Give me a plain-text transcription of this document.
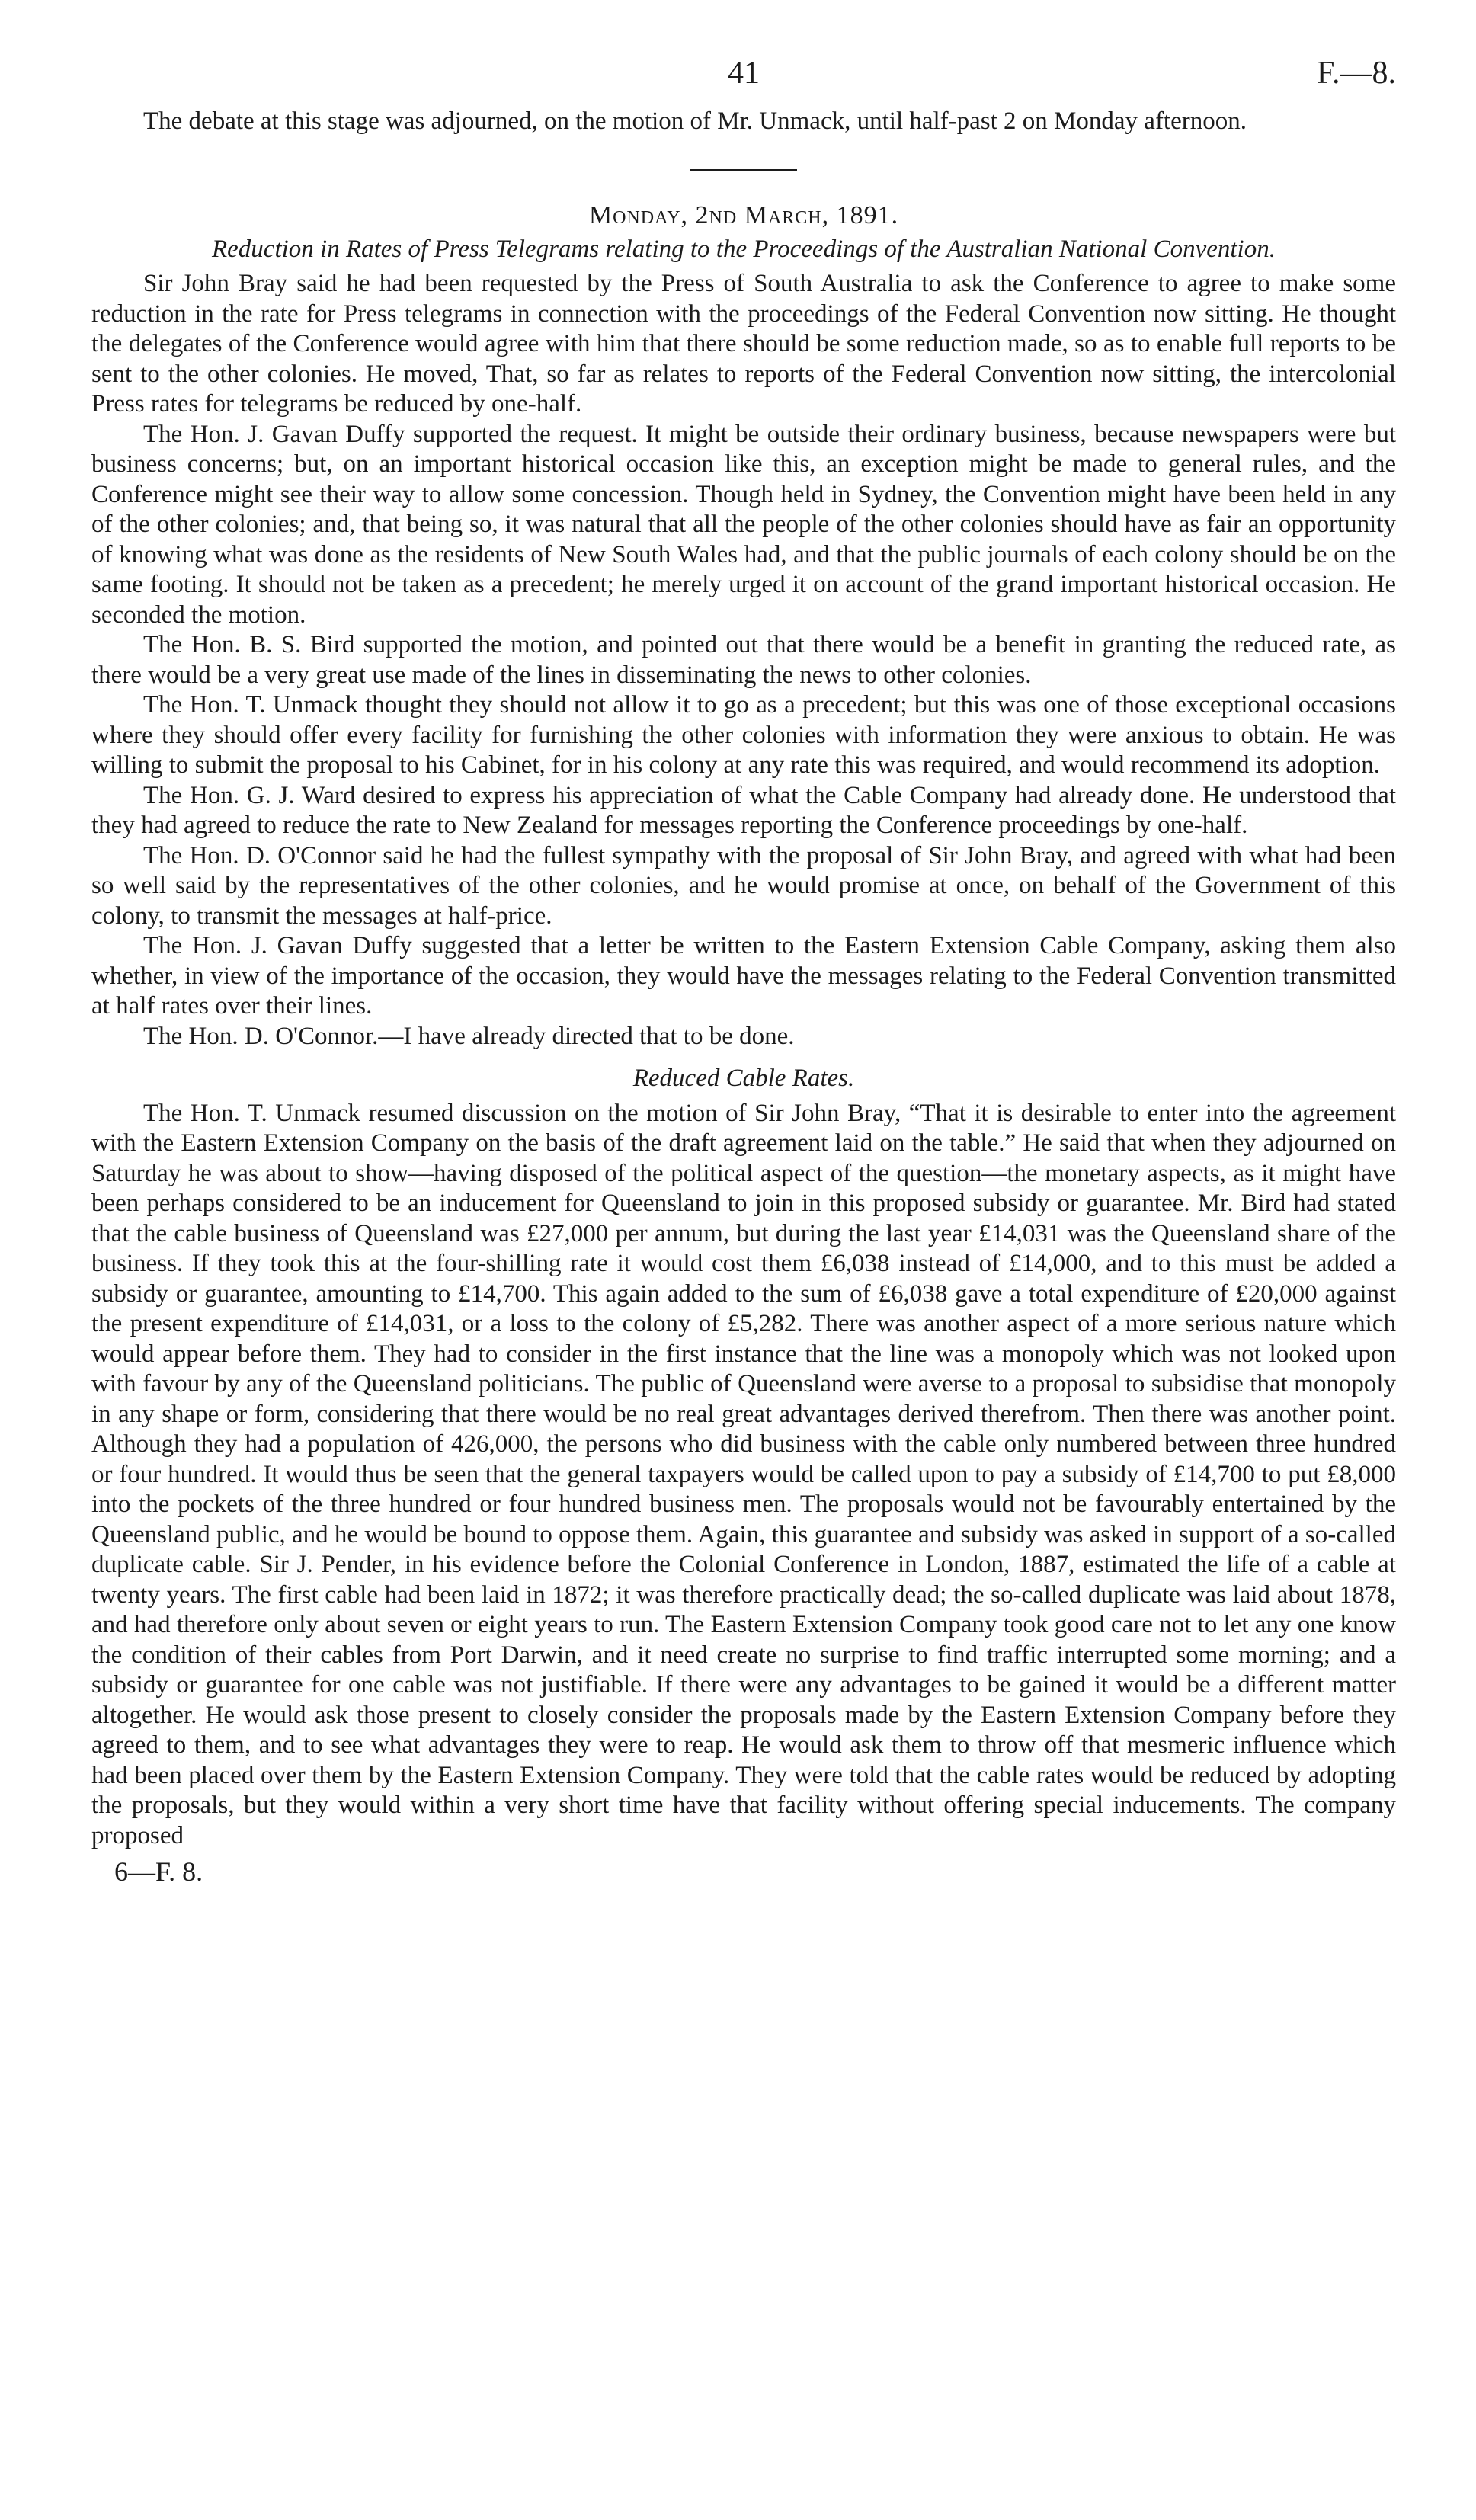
41	F.—8.

The debate at this stage was adjourned, on the motion of Mr. Unmack, until half-past 2 on Monday afternoon.

Monday, 2nd March, 1891.
Reduction in Rates of Press Telegrams relating to the Proceedings of the Australian National Convention.

Sir John Bray said he had been requested by the Press of South Australia to ask the Conference to agree to make some reduction in the rate for Press telegrams in connection with the proceedings of the Federal Convention now sitting. He thought the delegates of the Conference would agree with him that there should be some reduction made, so as to enable full reports to be sent to the other colonies. He moved, That, so far as relates to reports of the Federal Convention now sitting, the intercolonial Press rates for telegrams be reduced by one-half.

The Hon. J. Gavan Duffy supported the request. It might be outside their ordinary business, because newspapers were but business concerns; but, on an important historical occasion like this, an exception might be made to general rules, and the Conference might see their way to allow some concession. Though held in Sydney, the Convention might have been held in any of the other colonies; and, that being so, it was natural that all the people of the other colonies should have as fair an opportunity of knowing what was done as the residents of New South Wales had, and that the public journals of each colony should be on the same footing. It should not be taken as a precedent; he merely urged it on account of the grand important historical occasion. He seconded the motion.

The Hon. B. S. Bird supported the motion, and pointed out that there would be a benefit in granting the reduced rate, as there would be a very great use made of the lines in disseminating the news to other colonies.

The Hon. T. Unmack thought they should not allow it to go as a precedent; but this was one of those exceptional occasions where they should offer every facility for furnishing the other colonies with information they were anxious to obtain. He was willing to submit the proposal to his Cabinet, for in his colony at any rate this was required, and would recommend its adoption.

The Hon. G. J. Ward desired to express his appreciation of what the Cable Company had already done. He understood that they had agreed to reduce the rate to New Zealand for messages reporting the Conference proceedings by one-half.

The Hon. D. O'Connor said he had the fullest sympathy with the proposal of Sir John Bray, and agreed with what had been so well said by the representatives of the other colonies, and he would promise at once, on behalf of the Government of this colony, to transmit the messages at half-price.

The Hon. J. Gavan Duffy suggested that a letter be written to the Eastern Extension Cable Company, asking them also whether, in view of the importance of the occasion, they would have the messages relating to the Federal Convention transmitted at half rates over their lines.

The Hon. D. O'Connor.—I have already directed that to be done.

Reduced Cable Rates.

The Hon. T. Unmack resumed discussion on the motion of Sir John Bray, “That it is desirable to enter into the agreement with the Eastern Extension Company on the basis of the draft agreement laid on the table.” He said that when they adjourned on Saturday he was about to show—having disposed of the political aspect of the question—the monetary aspects, as it might have been perhaps considered to be an inducement for Queensland to join in this proposed subsidy or guarantee. Mr. Bird had stated that the cable business of Queensland was £27,000 per annum, but during the last year £14,031 was the Queensland share of the business. If they took this at the four-shilling rate it would cost them £6,038 instead of £14,000, and to this must be added a subsidy or guarantee, amounting to £14,700. This again added to the sum of £6,038 gave a total expenditure of £20,000 against the present expenditure of £14,031, or a loss to the colony of £5,282. There was another aspect of a more serious nature which would appear before them. They had to consider in the first instance that the line was a monopoly which was not looked upon with favour by any of the Queensland politicians. The public of Queensland were averse to a proposal to subsidise that monopoly in any shape or form, considering that there would be no real great advantages derived therefrom. Then there was another point. Although they had a population of 426,000, the persons who did business with the cable only numbered between three hundred or four hundred. It would thus be seen that the general taxpayers would be called upon to pay a subsidy of £14,700 to put £8,000 into the pockets of the three hundred or four hundred business men. The proposals would not be favourably entertained by the Queensland public, and he would be bound to oppose them. Again, this guarantee and subsidy was asked in support of a so-called duplicate cable. Sir J. Pender, in his evidence before the Colonial Conference in London, 1887, estimated the life of a cable at twenty years. The first cable had been laid in 1872; it was therefore practically dead; the so-called duplicate was laid about 1878, and had therefore only about seven or eight years to run. The Eastern Extension Company took good care not to let any one know the condition of their cables from Port Darwin, and it need create no surprise to find traffic interrupted some morning; and a subsidy or guarantee for one cable was not justifiable. If there were any advantages to be gained it would be a different matter altogether. He would ask those present to closely consider the proposals made by the Eastern Extension Company before they agreed to them, and to see what advantages they were to reap. He would ask them to throw off that mesmeric influence which had been placed over them by the Eastern Extension Company. They were told that the cable rates would be reduced by adopting the proposals, but they would within a very short time have that facility without offering special inducements. The company proposed

6—F. 8.
